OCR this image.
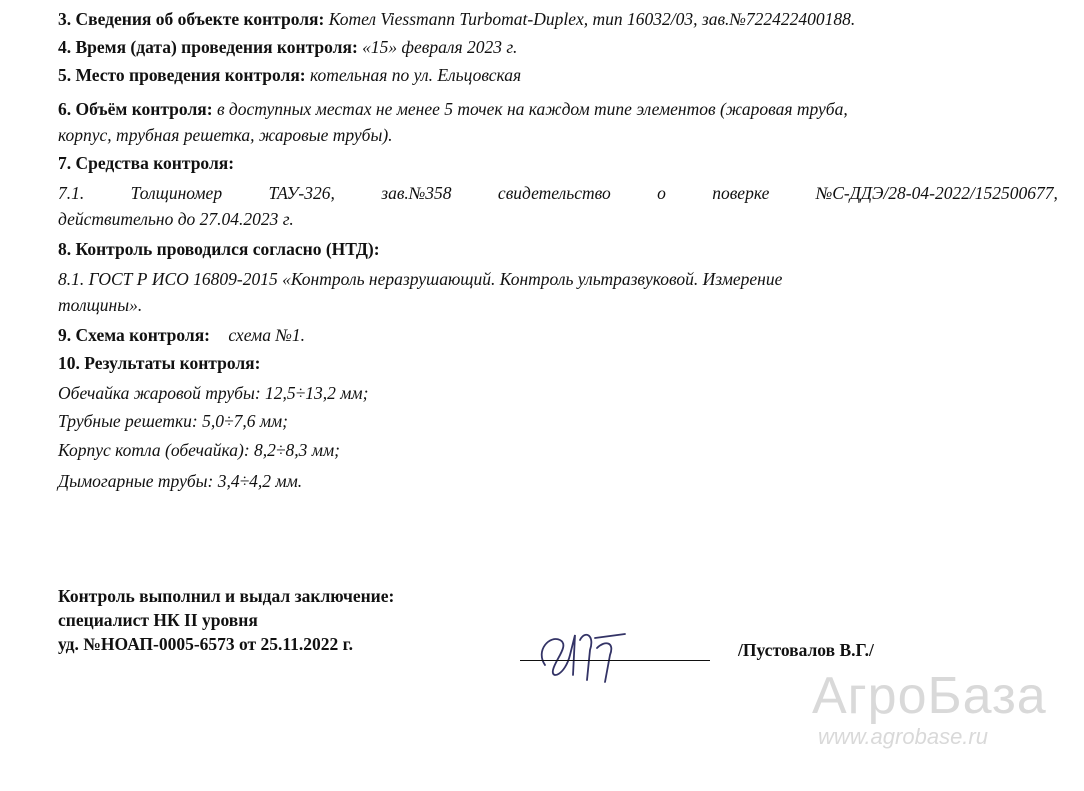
3. Сведения об объекте контроля: Котел Viessmann Turbomat-Duplex, тип 16032/03, зав.№722422400188.
4. Время (дата) проведения контроля: «15» февраля 2023 г.
5. Место проведения контроля: котельная по ул. Ельцовская
6. Объём контроля: в доступных местах не менее 5 точек на каждом типе элементов (жаровая труба,
корпус, трубная решетка, жаровые трубы).
7. Средства контроля:
7.1.	Толщиномер	ТАУ-326,	зав.№358	свидетельство	о	поверке	№С-ДДЭ/28-04-2022/152500677,
действительно до 27.04.2023 г.
8. Контроль проводился согласно (НТД):
8.1. ГОСТ Р ИСО 16809-2015 «Контроль неразрушающий. Контроль ультразвуковой. Измерение
толщины».
9. Схема контроля: схема №1.
10. Результаты контроля:
Обечайка жаровой трубы: 12,5÷13,2 мм;
Трубные решетки: 5,0÷7,6 мм;
Корпус котла (обечайка): 8,2÷8,3 мм;
Дымогарные трубы: 3,4÷4,2 мм.
Контроль выполнил и выдал заключение:
специалист НК II уровня
уд. №НОАП-0005-6573 от 25.11.2022 г.	/Пустовалов В.Г./
АгроБаза
www.agrobase.ru
